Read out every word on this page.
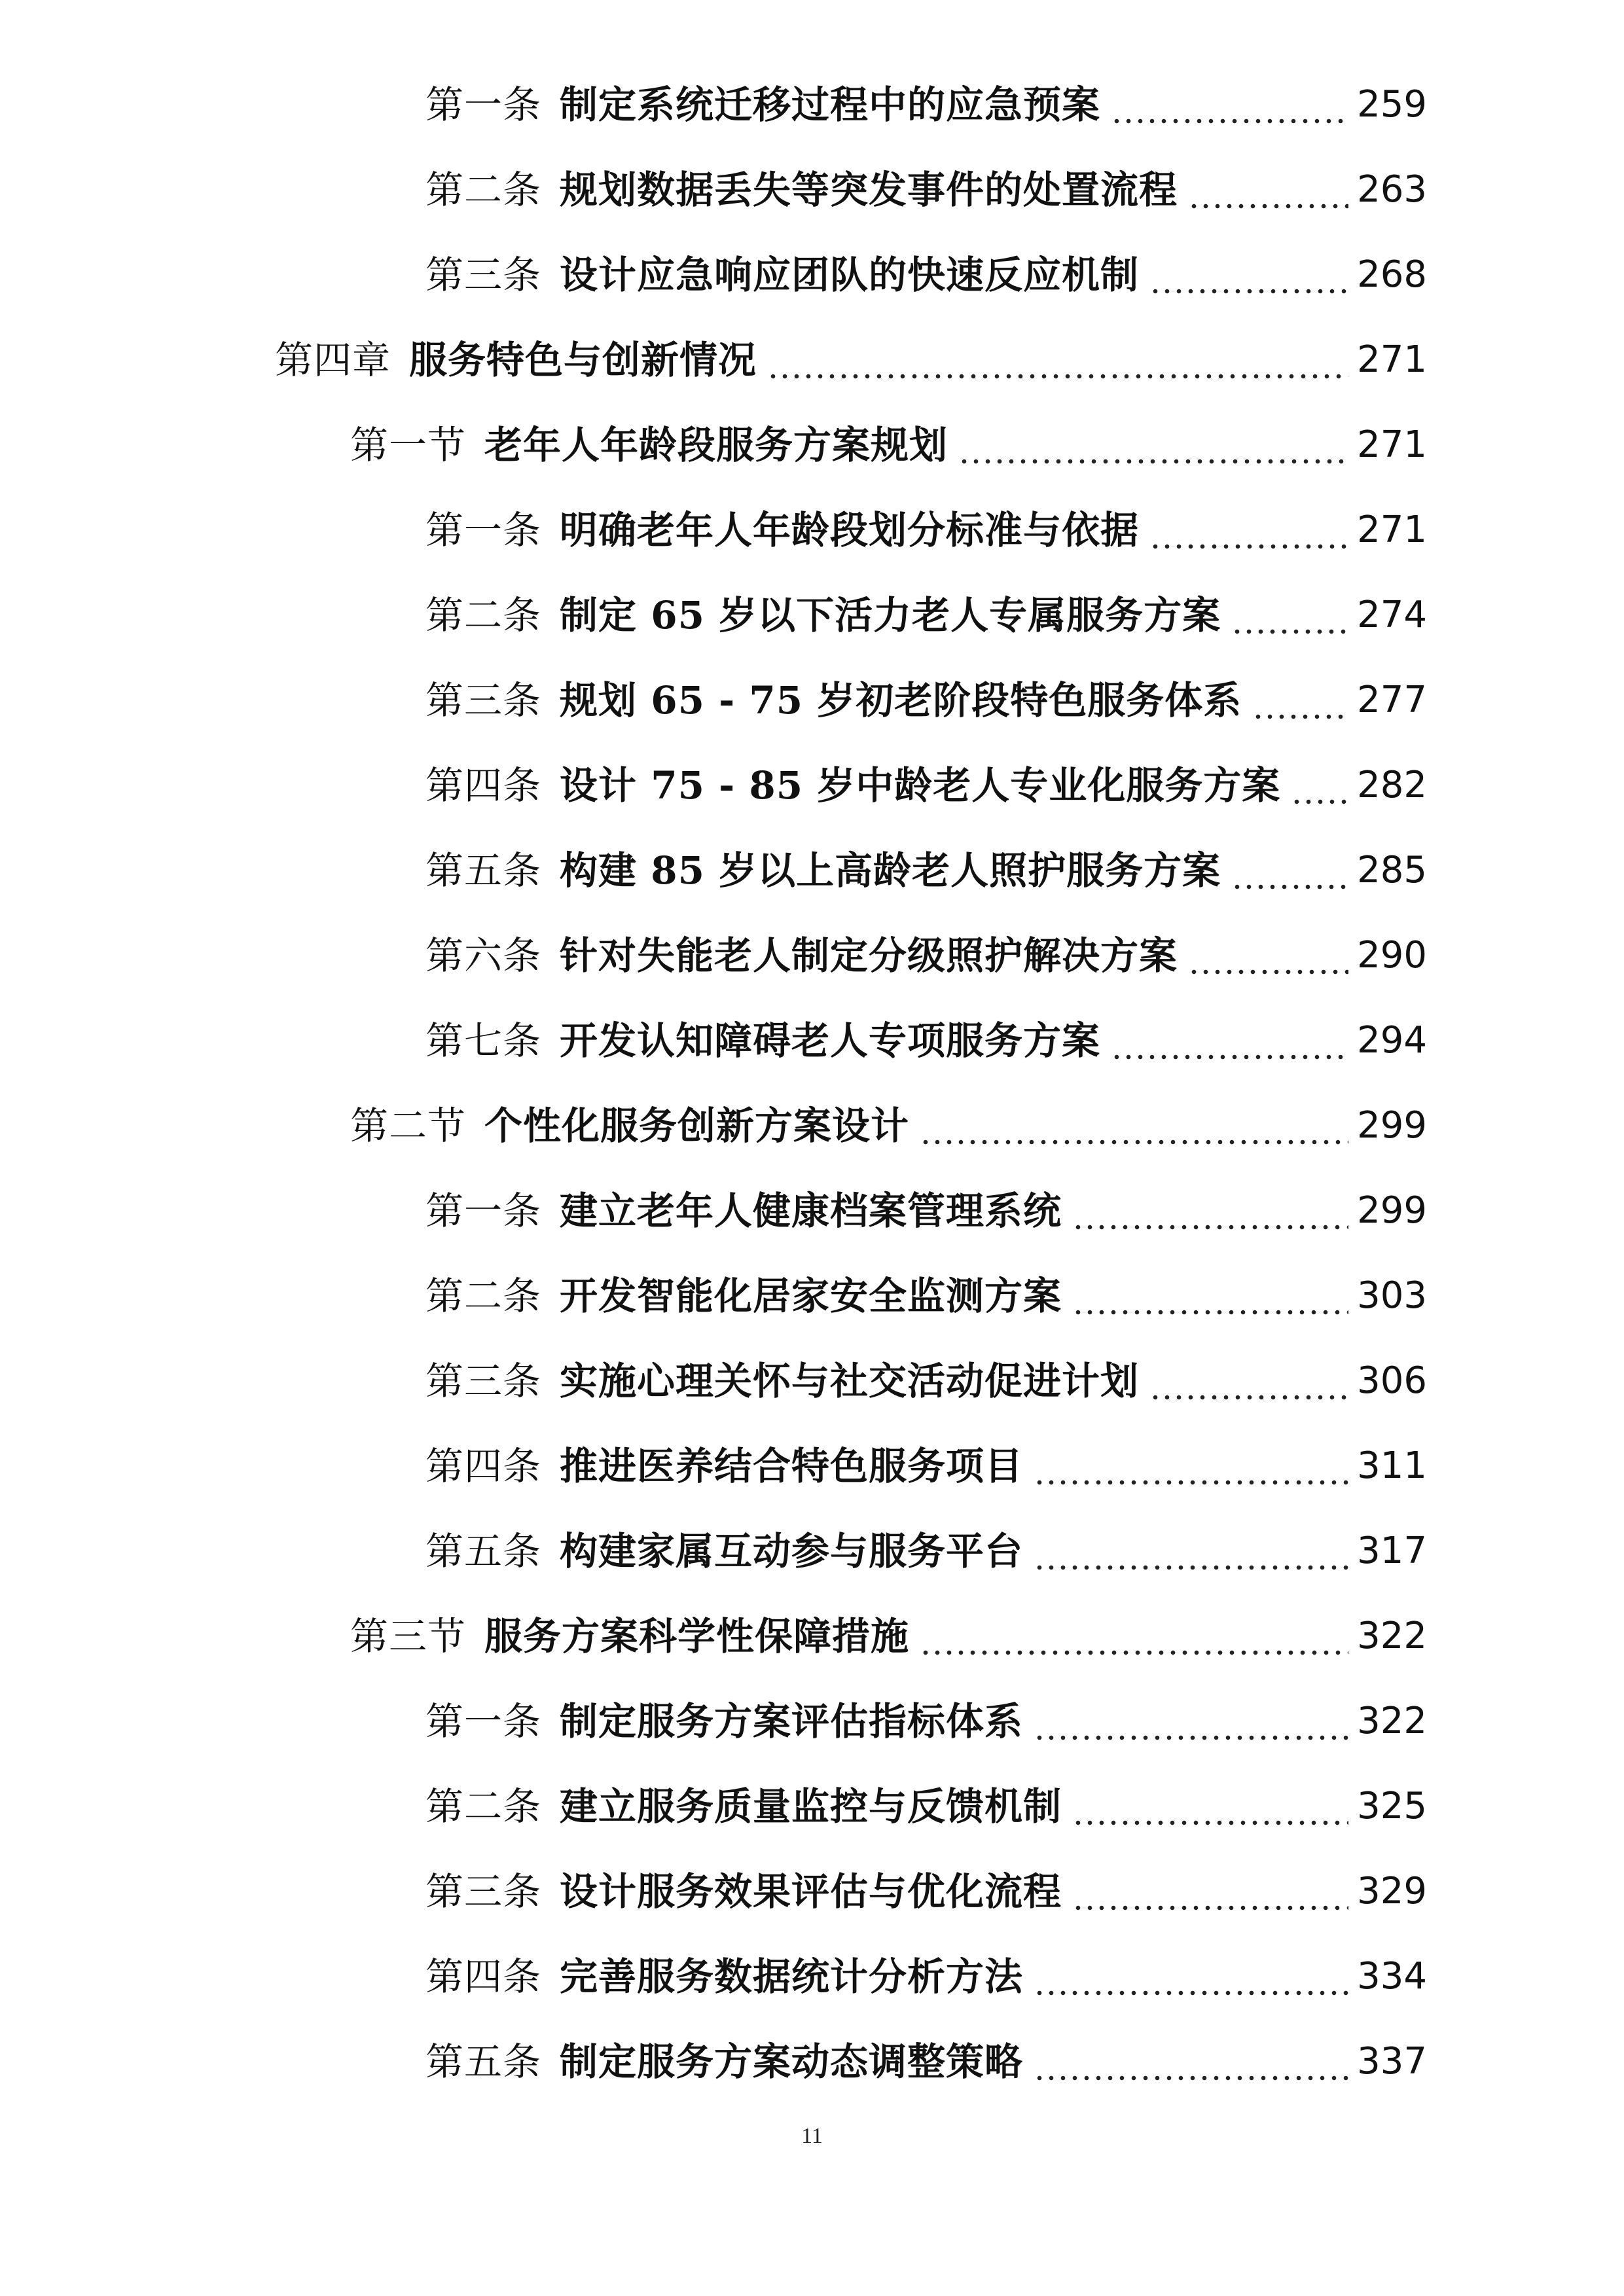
第一条 制定系统迁移过程中的应急预案	259
第二条 规划数据丢失等突发事件的处置流程	263
第三条 设计应急响应团队的快速反应机制	268
第四章 服务特色与创新情况	271
第一节 老年人年龄段服务方案规划	271
第一条 明确老年人年龄段划分标准与依据	271
第二条 制定 65 岁以下活力老人专属服务方案	274
第三条 规划 65 - 75 岁初老阶段特色服务体系	277
第四条 设计 75 - 85 岁中龄老人专业化服务方案 282
第五条 构建 85 岁以上高龄老人照护服务方案	285
第六条 针对失能老人制定分级照护解决方案	290
第七条 开发认知障碍老人专项服务方案	294
第二节 个性化服务创新方案设计	299
第一条 建立老年人健康档案管理系统	299
第二条 开发智能化居家安全监测方案	303
第三条 实施心理关怀与社交活动促进计划	306
第四条 推进医养结合特色服务项目	311
第五条 构建家属互动参与服务平台	317
第三节 服务方案科学性保障措施	322
第一条 制定服务方案评估指标体系	322
第二条 建立服务质量监控与反馈机制	325
第三条 设计服务效果评估与优化流程	329
第四条 完善服务数据统计分析方法	334
第五条 制定服务方案动态调整策略	337
11
